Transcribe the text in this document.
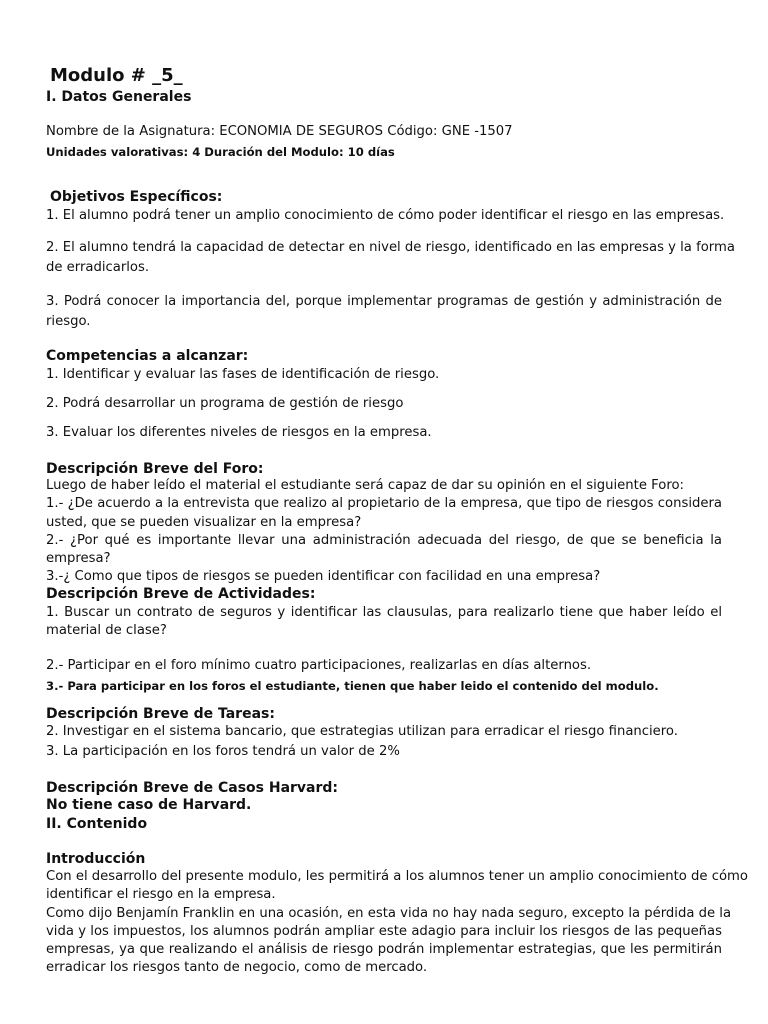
Modulo # _5_
I. Datos Generales
Nombre de la Asignatura: ECONOMIA DE SEGUROS Código: GNE -1507
Unidades valorativas: 4 Duración del Modulo: 10 días
Objetivos Específicos:
1. El alumno podrá tener un amplio conocimiento de cómo poder identificar el riesgo en las empresas.
2. El alumno tendrá la capacidad de detectar en nivel de riesgo, identificado en las empresas y la forma
de erradicarlos.
3. Podrá conocer la importancia del, porque implementar programas de gestión y administración de
riesgo.
Competencias a alcanzar:
1. Identificar y evaluar las fases de identificación de riesgo.
2. Podrá desarrollar un programa de gestión de riesgo
3. Evaluar los diferentes niveles de riesgos en la empresa.
Descripción Breve del Foro:
Luego de haber leído el material el estudiante será capaz de dar su opinión en el siguiente Foro:
1.- ¿De acuerdo a la entrevista que realizo al propietario de la empresa, que tipo de riesgos considera
usted, que se pueden visualizar en la empresa?
2.- ¿Por qué es importante llevar una administración adecuada del riesgo, de que se beneficia la
empresa?
3.-¿ Como que tipos de riesgos se pueden identificar con facilidad en una empresa?
Descripción Breve de Actividades:
1. Buscar un contrato de seguros y identificar las clausulas, para realizarlo tiene que haber leído el
material de clase?
2.- Participar en el foro mínimo cuatro participaciones, realizarlas en días alternos.
3.- Para participar en los foros el estudiante, tienen que haber leido el contenido del modulo.
Descripción Breve de Tareas:
2. Investigar en el sistema bancario, que estrategias utilizan para erradicar el riesgo financiero.
3. La participación en los foros tendrá un valor de 2%
Descripción Breve de Casos Harvard:
No tiene caso de Harvard.
II. Contenido
Introducción
Con el desarrollo del presente modulo, les permitirá a los alumnos tener un amplio conocimiento de cómo
identificar el riesgo en la empresa.
Como dijo Benjamín Franklin en una ocasión, en esta vida no hay nada seguro, excepto la pérdida de la
vida y los impuestos, los alumnos podrán ampliar este adagio para incluir los riesgos de las pequeñas
empresas, ya que realizando el análisis de riesgo podrán implementar estrategias, que les permitirán
erradicar los riesgos tanto de negocio, como de mercado.
